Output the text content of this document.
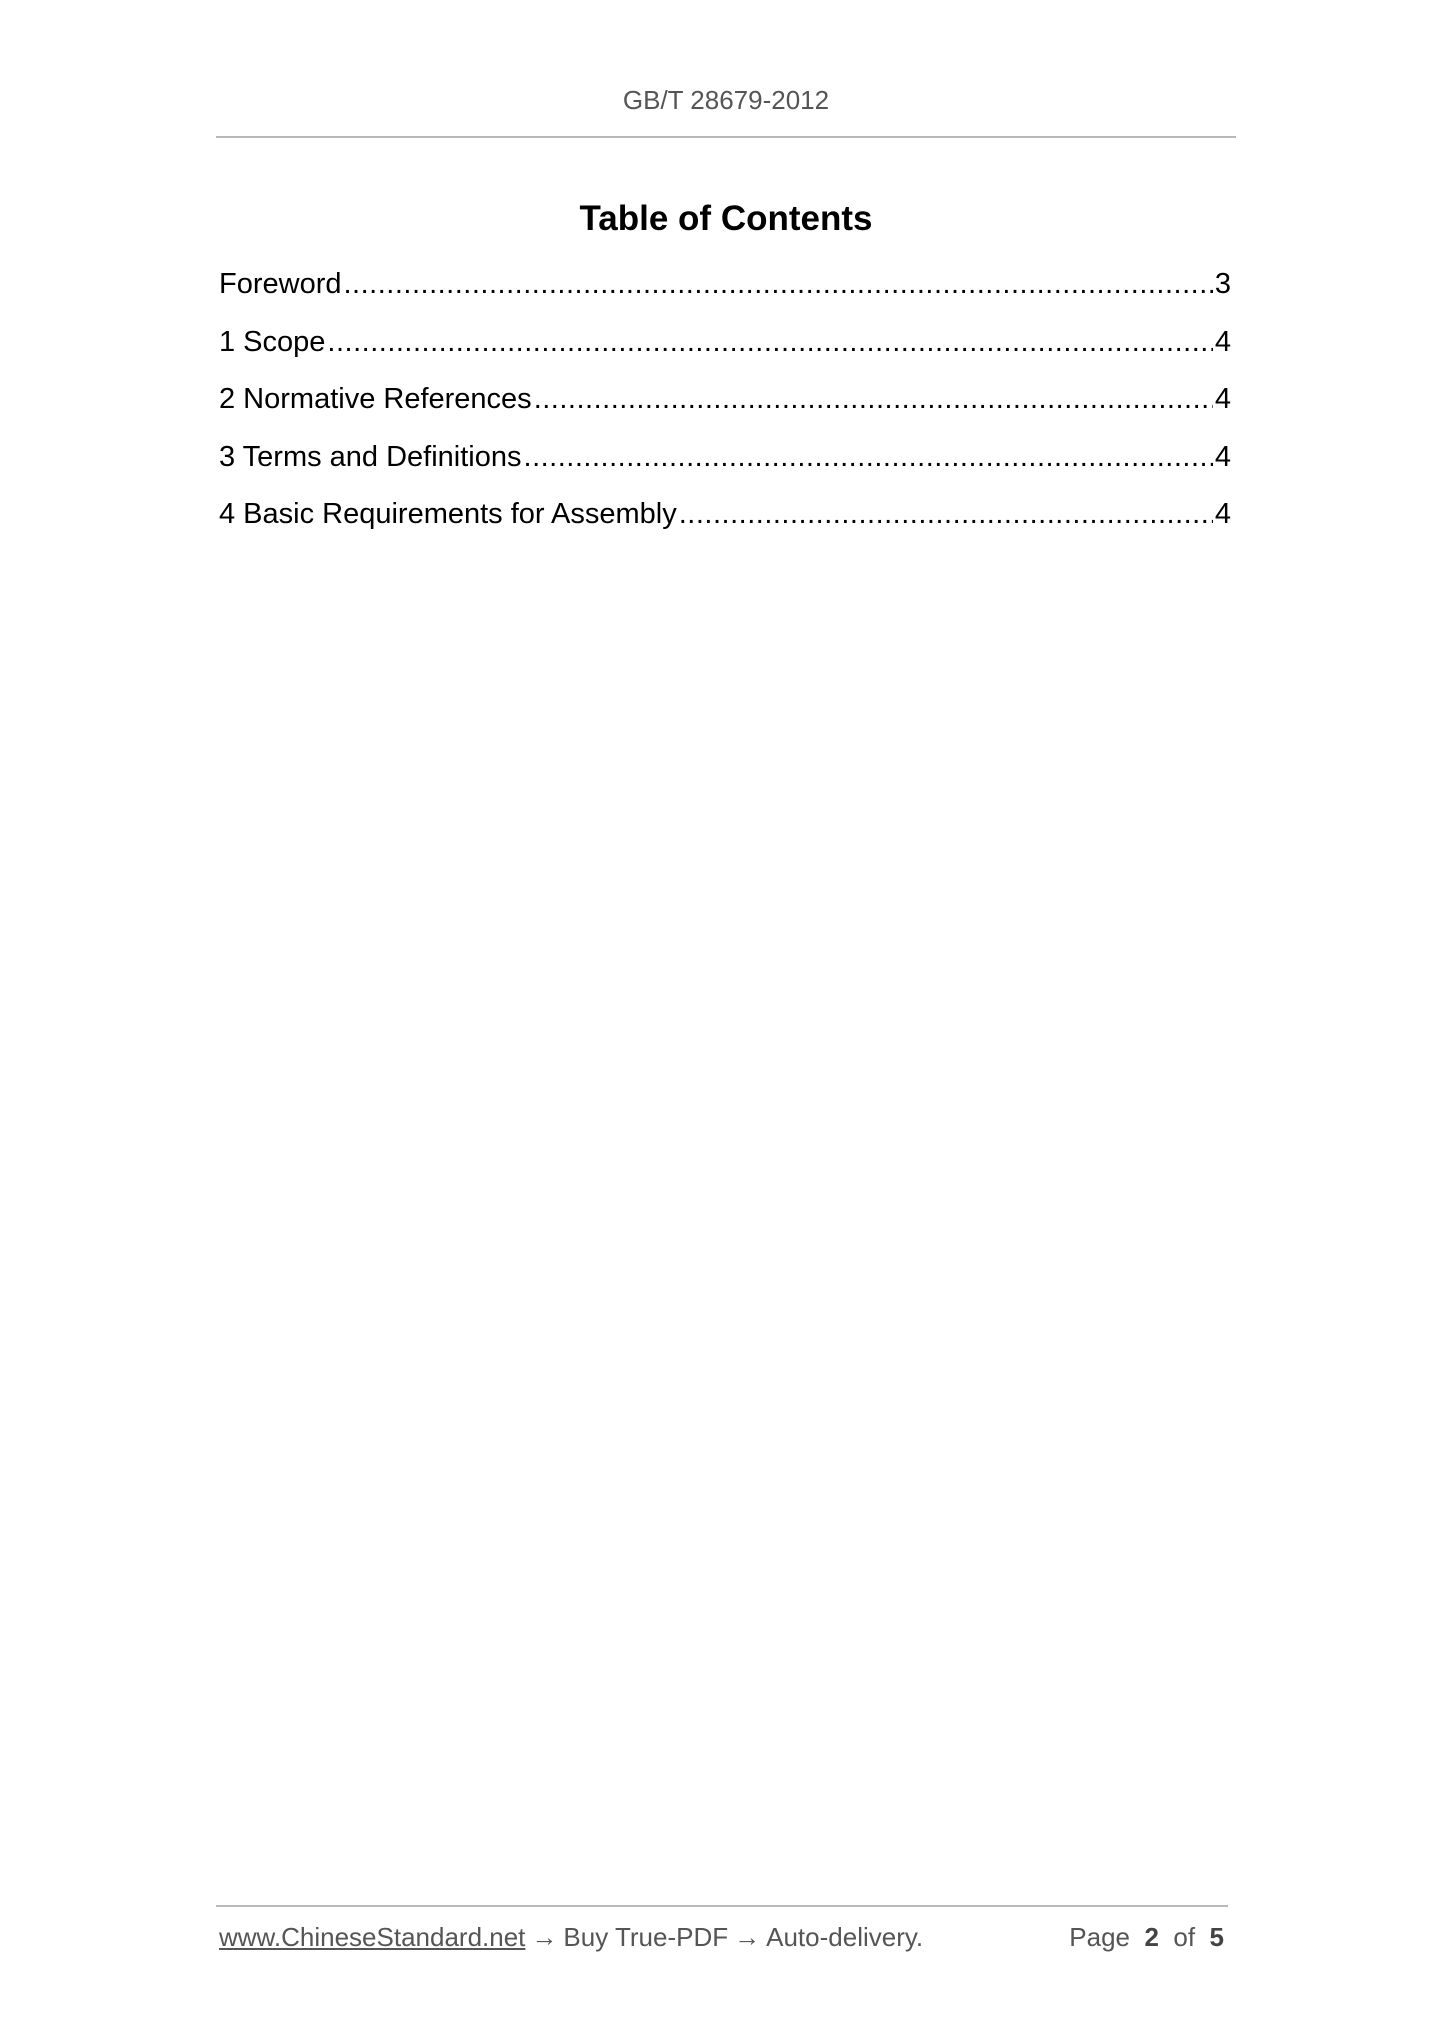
GB/T 28679-2012
Table of Contents
Foreword .....	3
1 Scope .....	4
2 Normative References .....	4
3 Terms and Definitions .....	4
4 Basic Requirements for Assembly .....	4
www.ChineseStandard.net → Buy True-PDF → Auto-delivery.	Page 2 of 5
